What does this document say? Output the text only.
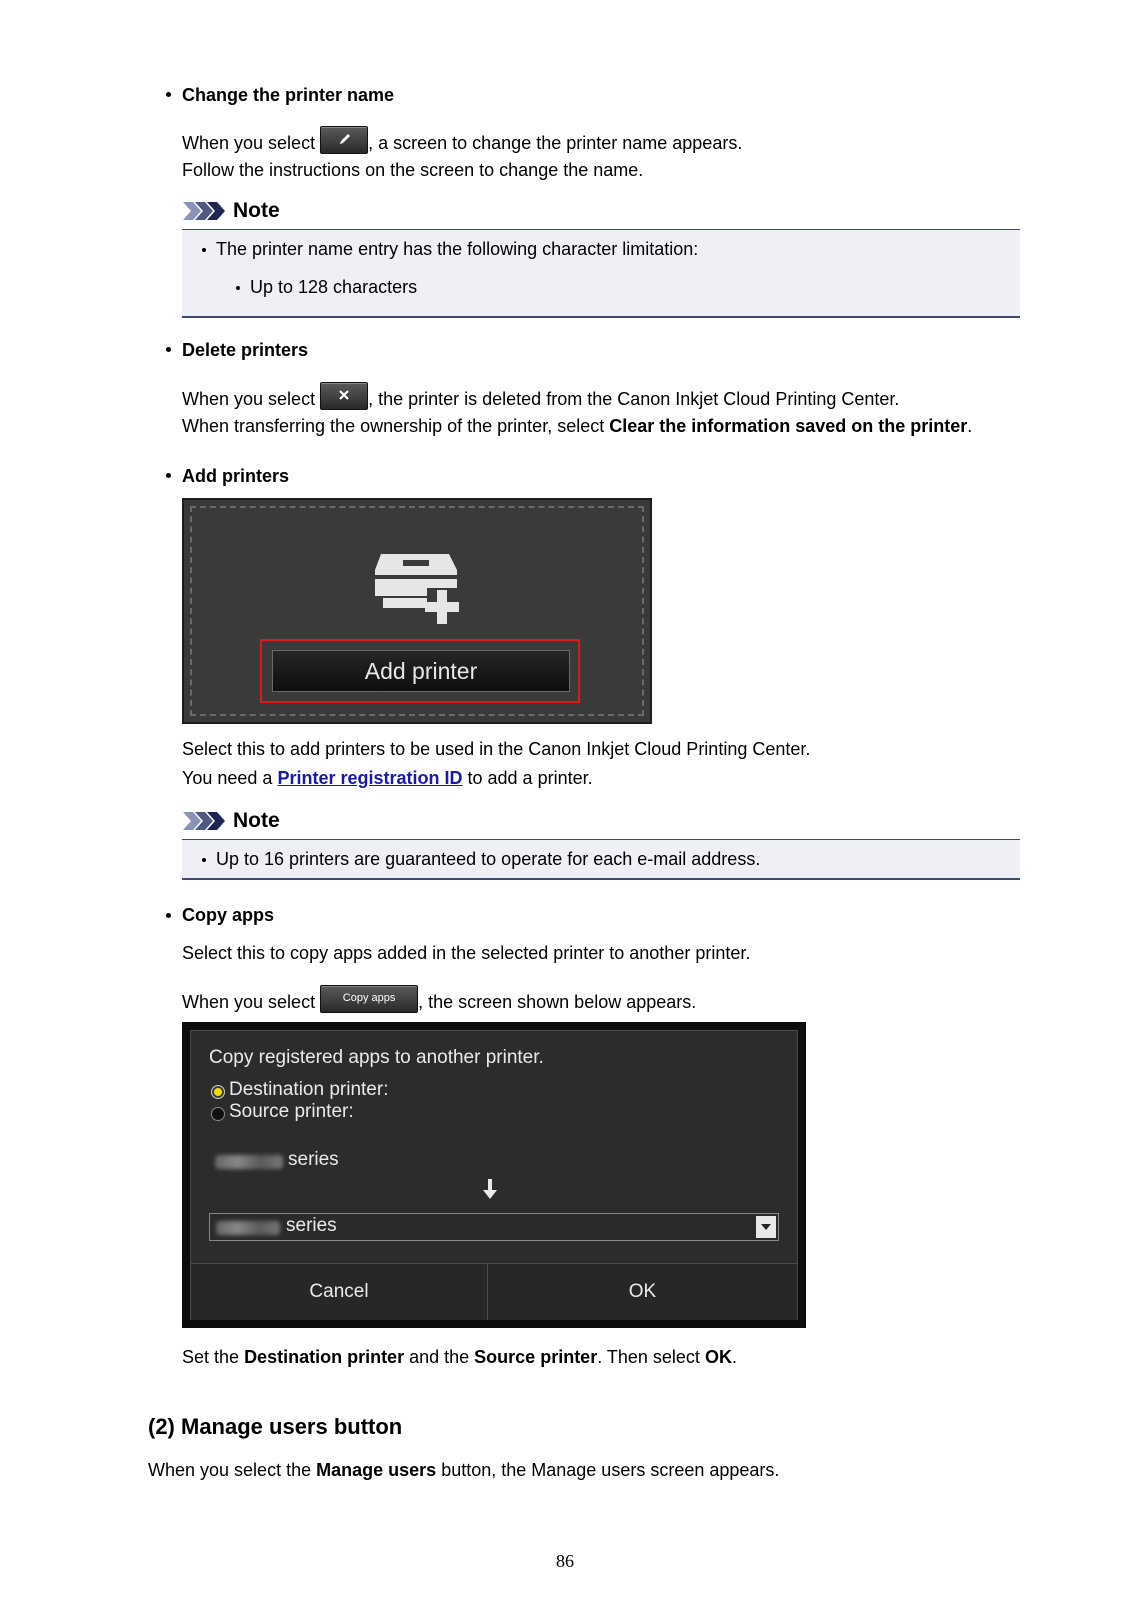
Change the printer name
When you select	, a screen to change the printer name appears.
Follow the instructions on the screen to change the name.
Note
The printer name entry has the following character limitation:
Up to 128 characters
Delete printers
When you select	, the printer is deleted from the Canon Inkjet Cloud Printing Center.
When transferring the ownership of the printer, select Clear the information saved on the printer.
Add printers
Add printer
Select this to add printers to be used in the Canon Inkjet Cloud Printing Center.
You need a Printer registration ID to add a printer.
Note
Up to 16 printers are guaranteed to operate for each e-mail address.
Copy apps
Select this to copy apps added in the selected printer to another printer.
When you select	Copy apps , the screen shown below appears.
Copy registered apps to another printer.
Destination printer:
Source printer:
series
series
Cancel	OK
Set the Destination printer and the Source printer. Then select OK.
(2) Manage users button
When you select the Manage users button, the Manage users screen appears.
86
